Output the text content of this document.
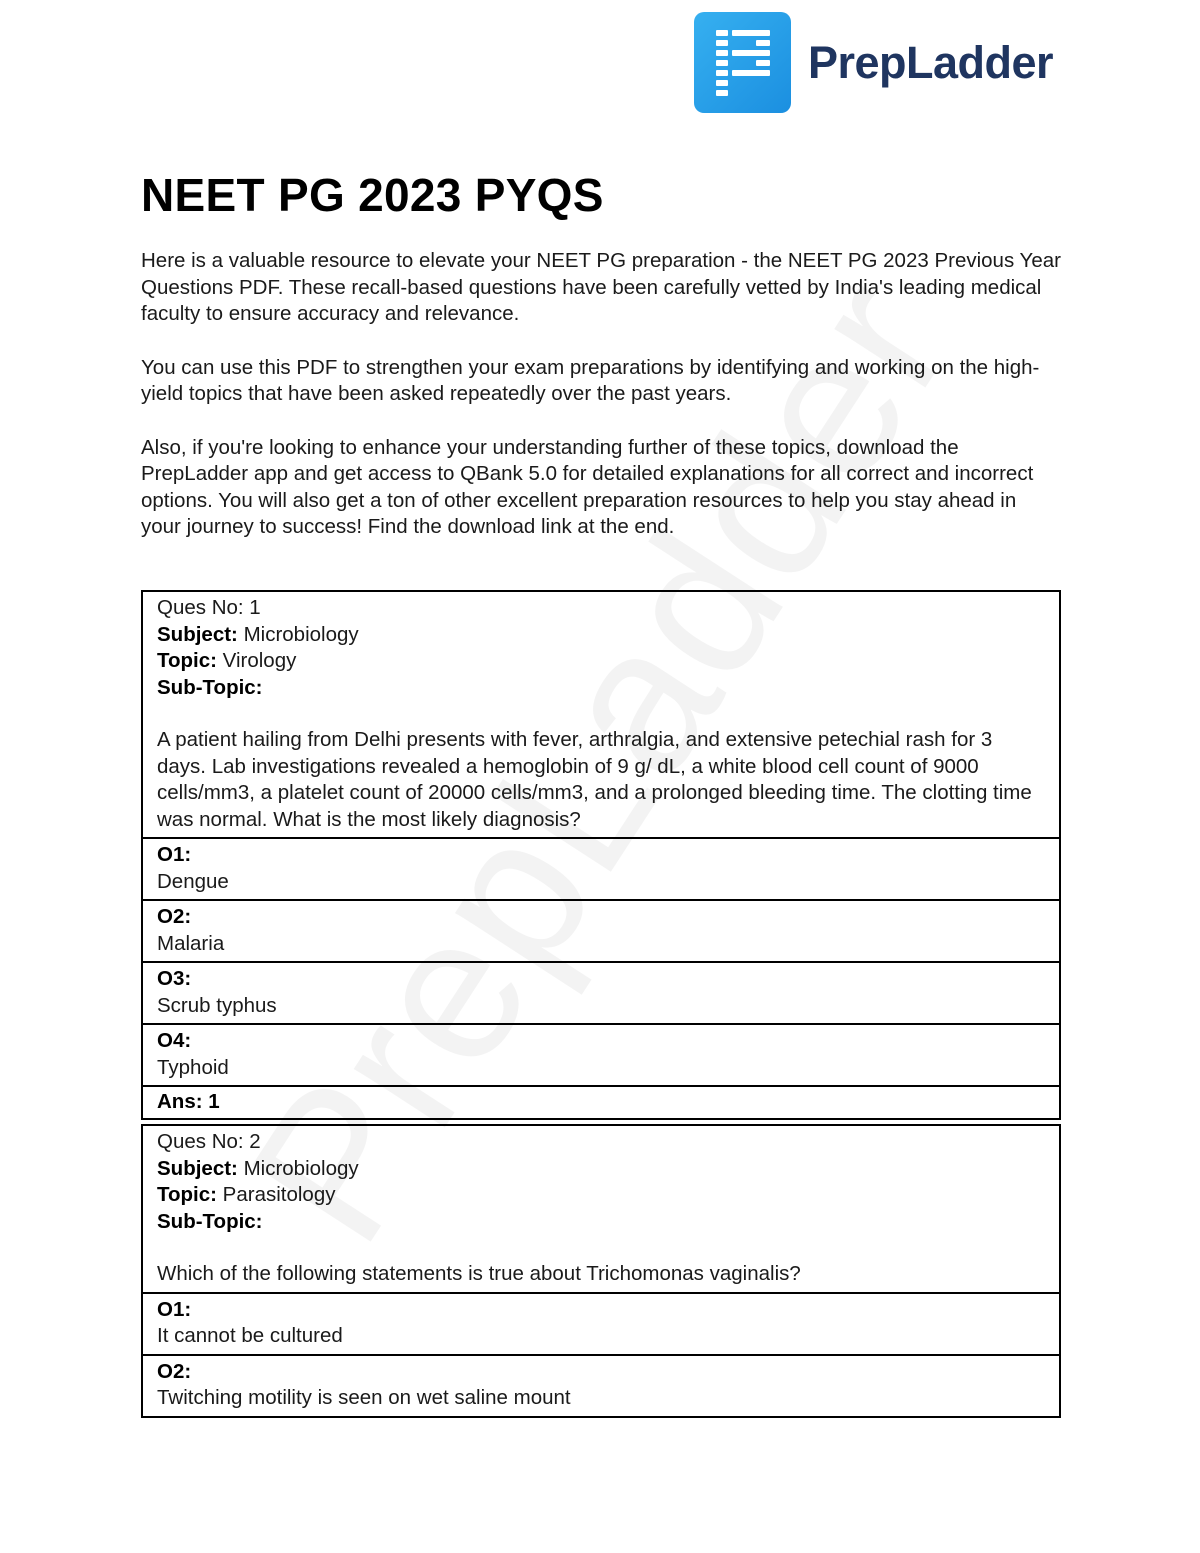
PrepLadder
NEET PG 2023 PYQS

Here is a valuable resource to elevate your NEET PG preparation - the NEET PG 2023 Previous Year Questions PDF. These recall-based questions have been carefully vetted by India's leading medical faculty to ensure accuracy and relevance.

You can use this PDF to strengthen your exam preparations by identifying and working on the high-yield topics that have been asked repeatedly over the past years.

Also, if you're looking to enhance your understanding further of these topics, download the PrepLadder app and get access to QBank 5.0 for detailed explanations for all correct and incorrect options. You will also get a ton of other excellent preparation resources to help you stay ahead in your journey to success! Find the download link at the end.

Ques No: 1
Subject: Microbiology
Topic: Virology
Sub-Topic:
A patient hailing from Delhi presents with fever, arthralgia, and extensive petechial rash for 3 days. Lab investigations revealed a hemoglobin of 9 g/ dL, a white blood cell count of 9000 cells/mm3, a platelet count of 20000 cells/mm3, and a prolonged bleeding time. The clotting time was normal. What is the most likely diagnosis?
O1:
Dengue
O2:
Malaria
O3:
Scrub typhus
O4:
Typhoid
Ans: 1
Ques No: 2
Subject: Microbiology
Topic: Parasitology
Sub-Topic:
Which of the following statements is true about Trichomonas vaginalis?
O1:
It cannot be cultured
O2:
Twitching motility is seen on wet saline mount
